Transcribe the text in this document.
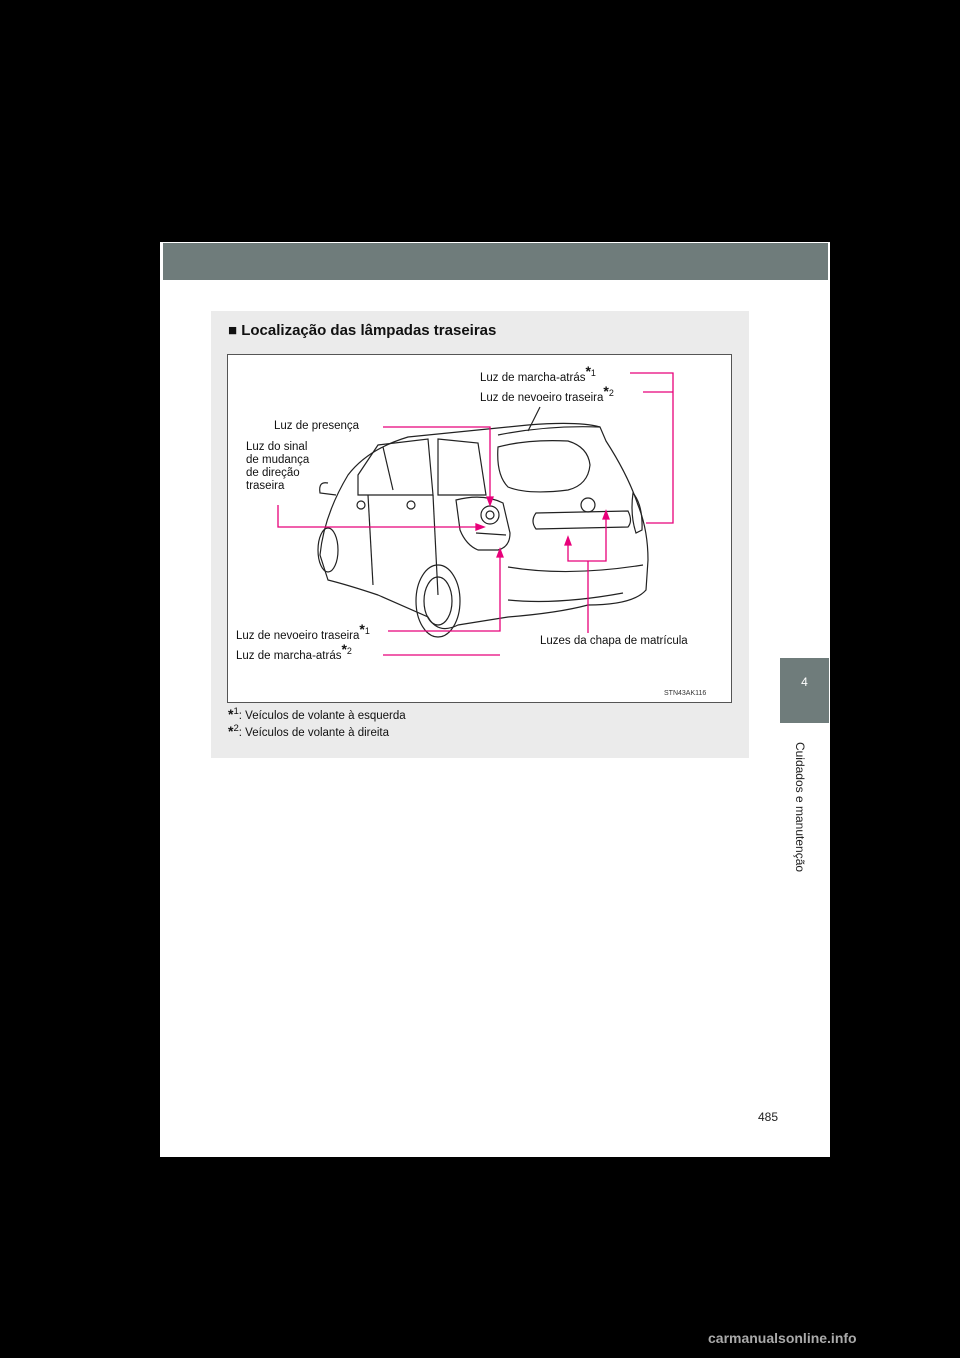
4
Cuidados e manutenção
■ Localização das lâmpadas traseiras
Luz de marcha-atrás$^{*1}$
Luz de nevoeiro traseira$^{*2}$
Luz de presença
Luz do sinal
de mudança
de direção
traseira
Luz de nevoeiro traseira$^{*1}$
Luz de marcha-atrás$^{*2}$
Luzes da chapa de matrícula
STN43AK116
*$^1$: Veículos de volante à esquerda
*$^2$: Veículos de volante à direita
485
carmanualsonline.info
